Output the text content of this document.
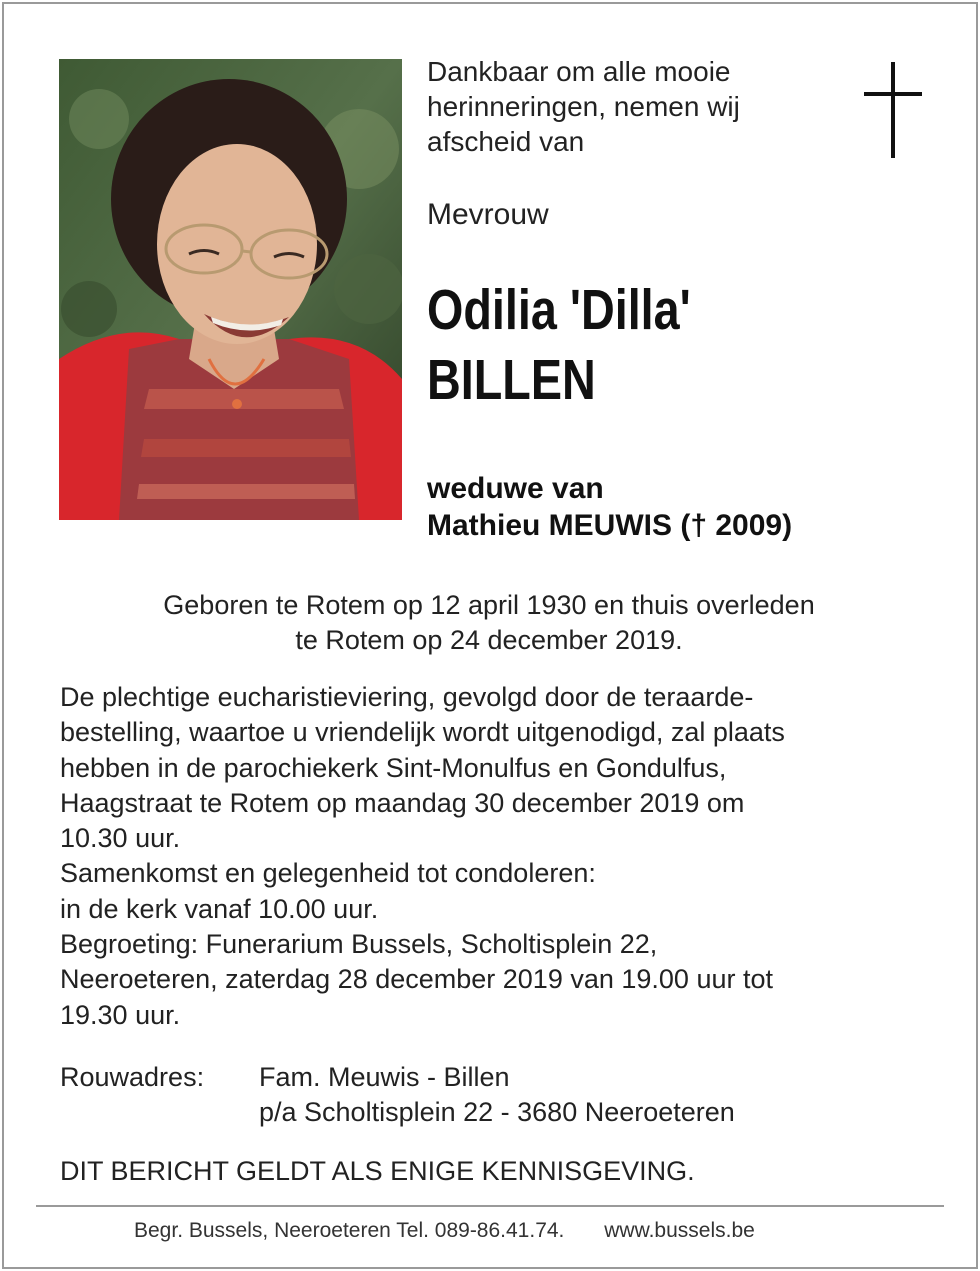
Dankbaar om alle mooie
herinneringen, nemen wij
afscheid van
Mevrouw
Odilia 'Dilla'
BILLEN
weduwe van
Mathieu MEUWIS († 2009)
Geboren te Rotem op 12 april 1930 en thuis overleden
te Rotem op 24 december 2019.
De plechtige eucharistieviering, gevolgd door de teraarde-
bestelling, waartoe u vriendelijk wordt uitgenodigd, zal plaats
hebben in de parochiekerk Sint-Monulfus en Gondulfus,
Haagstraat te Rotem op maandag 30 december 2019 om
10.30 uur.
Samenkomst en gelegenheid tot condoleren:
in de kerk vanaf 10.00 uur.
Begroeting: Funerarium Bussels, Scholtisplein 22,
Neeroeteren, zaterdag 28 december 2019 van 19.00 uur tot
19.30 uur.
Rouwadres: Fam. Meuwis - Billen
p/a Scholtisplein 22 - 3680 Neeroeteren
DIT BERICHT GELDT ALS ENIGE KENNISGEVING.
Begr. Bussels, Neeroeteren Tel. 089-86.41.74. www.bussels.be
